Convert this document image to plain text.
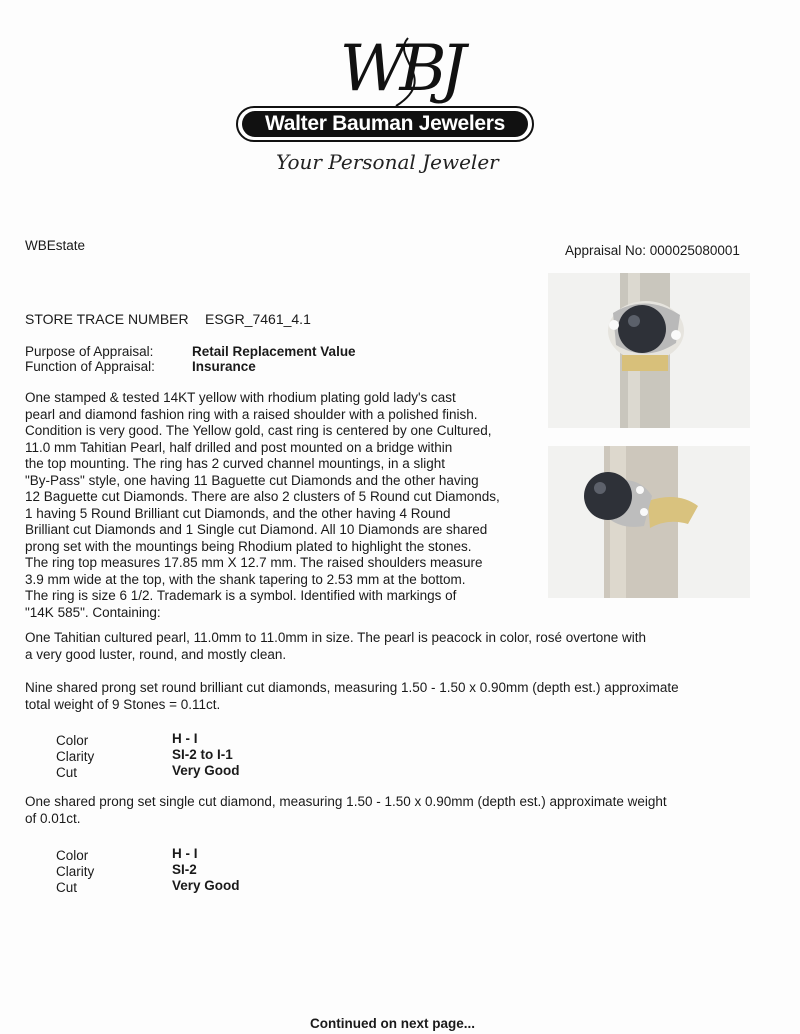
WBJ
Walter Bauman Jewelers
Your Personal Jeweler
WBEstate	Appraisal No: 000025080001
STORE TRACE NUMBER ESGR_7461_4.1
Purpose of Appraisal:	Retail Replacement Value
Function of Appraisal:	Insurance
One stamped & tested 14KT yellow with rhodium plating gold lady's cast
pearl and diamond fashion ring with a raised shoulder with a polished finish.
Condition is very good. The Yellow gold, cast ring is centered by one Cultured,
11.0 mm Tahitian Pearl, half drilled and post mounted on a bridge within
the top mounting. The ring has 2 curved channel mountings, in a slight
"By-Pass" style, one having 11 Baguette cut Diamonds and the other having
12 Baguette cut Diamonds. There are also 2 clusters of 5 Round cut Diamonds,
1 having 5 Round Brilliant cut Diamonds, and the other having 4 Round
Brilliant cut Diamonds and 1 Single cut Diamond. All 10 Diamonds are shared
prong set with the mountings being Rhodium plated to highlight the stones.
The ring top measures 17.85 mm X 12.7 mm. The raised shoulders measure
3.9 mm wide at the top, with the shank tapering to 2.53 mm at the bottom.
The ring is size 6 1/2. Trademark is a symbol. Identified with markings of
"14K 585". Containing:
One Tahitian cultured pearl, 11.0mm to 11.0mm in size. The pearl is peacock in color, rosé overtone with
a very good luster, round, and mostly clean.
Nine shared prong set round brilliant cut diamonds, measuring 1.50 - 1.50 x 0.90mm (depth est.) approximate
total weight of 9 Stones = 0.11ct.
Color	H - I
Clarity	SI-2 to I-1
Cut	Very Good
One shared prong set single cut diamond, measuring 1.50 - 1.50 x 0.90mm (depth est.) approximate weight
of 0.01ct.
Color	H - I
Clarity	SI-2
Cut	Very Good
Continued on next page...
